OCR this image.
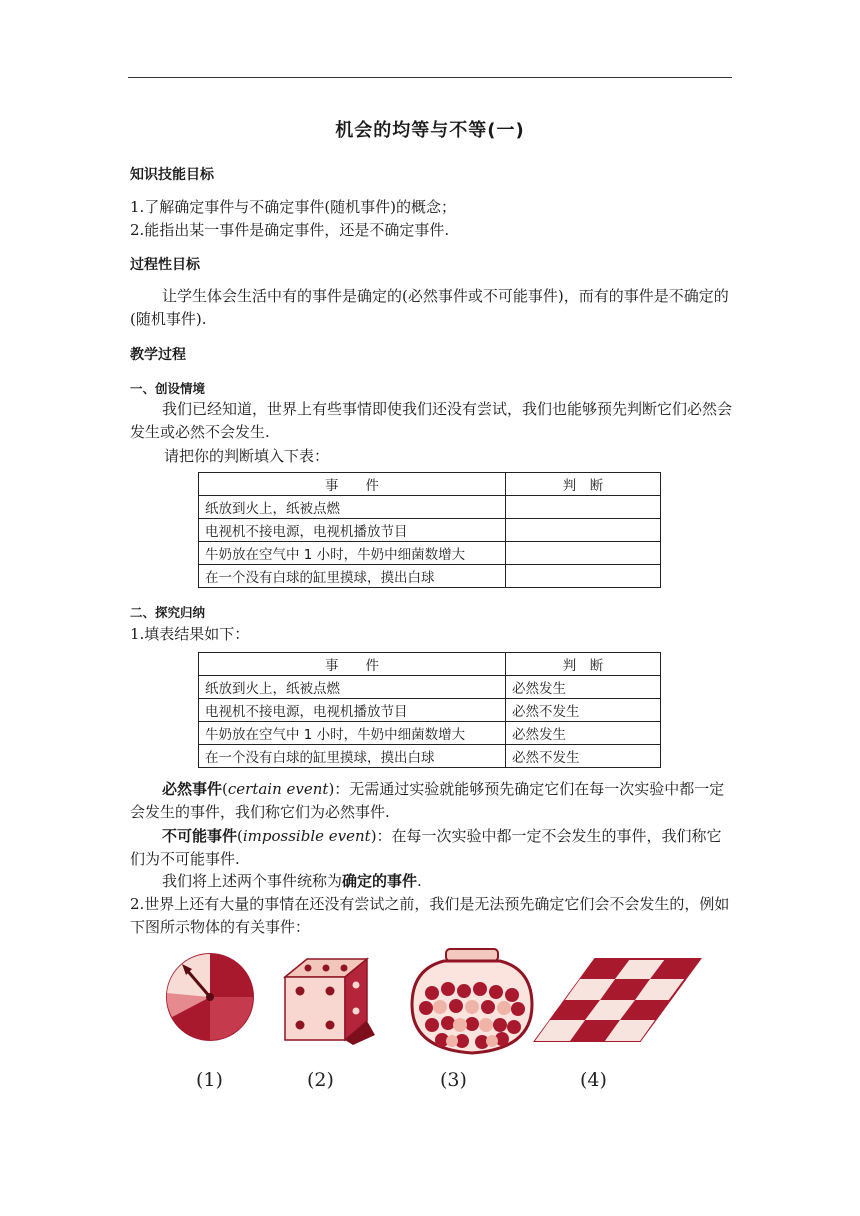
机会的均等与不等(一)
知识技能目标
1.了解确定事件与不确定事件(随机事件)的概念；
2.能指出某一事件是确定事件，还是不确定事件.
过程性目标
让学生体会生活中有的事件是确定的(必然事件或不可能事件)，而有的事件是不确定的(随机事件).
教学过程
一、创设情境
我们已经知道，世界上有些事情即使我们还没有尝试，我们也能够预先判断它们必然会发生或必然不会发生.
请把你的判断填入下表：
事　　件	判　断
纸放到火上，纸被点燃	
电视机不接电源，电视机播放节目	
牛奶放在空气中 1 小时，牛奶中细菌数增大	
在一个没有白球的缸里摸球，摸出白球	
二、探究归纳
1.填表结果如下：
事　　件	判　断
纸放到火上，纸被点燃	必然发生
电视机不接电源，电视机播放节目	必然不发生
牛奶放在空气中 1 小时，牛奶中细菌数增大	必然发生
在一个没有白球的缸里摸球，摸出白球	必然不发生
必然事件(certain event)：无需通过实验就能够预先确定它们在每一次实验中都一定会发生的事件，我们称它们为必然事件.
不可能事件(impossible event)：在每一次实验中都一定不会发生的事件，我们称它们为不可能事件.
我们将上述两个事件统称为确定的事件.
2.世界上还有大量的事情在还没有尝试之前，我们是无法预先确定它们会不会发生的，例如下图所示物体的有关事件：
(1)	(2)	(3)	(4)
